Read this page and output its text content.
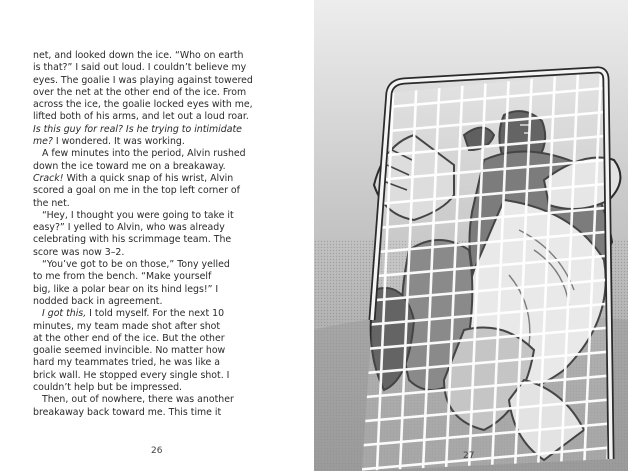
net, and looked down the ice. “Who on earth

is that?” I said out loud. I couldn’t believe my

eyes. The goalie I was playing against towered

over the net at the other end of the ice. From

across the ice, the goalie locked eyes with me,

lifted both of his arms, and let out a loud roar.

Is this guy for real? Is he trying to intimidate

me? I wondered. It was working.

A few minutes into the period, Alvin rushed

down the ice toward me on a breakaway.

Crack! With a quick snap of his wrist, Alvin

scored a goal on me in the top left corner of

the net.

“Hey, I thought you were going to take it

easy?” I yelled to Alvin, who was already

celebrating with his scrimmage team. The

score was now 3–2.

“You’ve got to be on those,” Tony yelled

to me from the bench. “Make yourself

big, like a polar bear on its hind legs!” I

nodded back in agreement.

I got this, I told myself. For the next 10

minutes, my team made shot after shot

at the other end of the ice. But the other

goalie seemed invincible. No matter how

hard my teammates tried, he was like a

brick wall. He stopped every single shot. I

couldn’t help but be impressed.

Then, out of nowhere, there was another

breakaway back toward me. This time it

26	27
